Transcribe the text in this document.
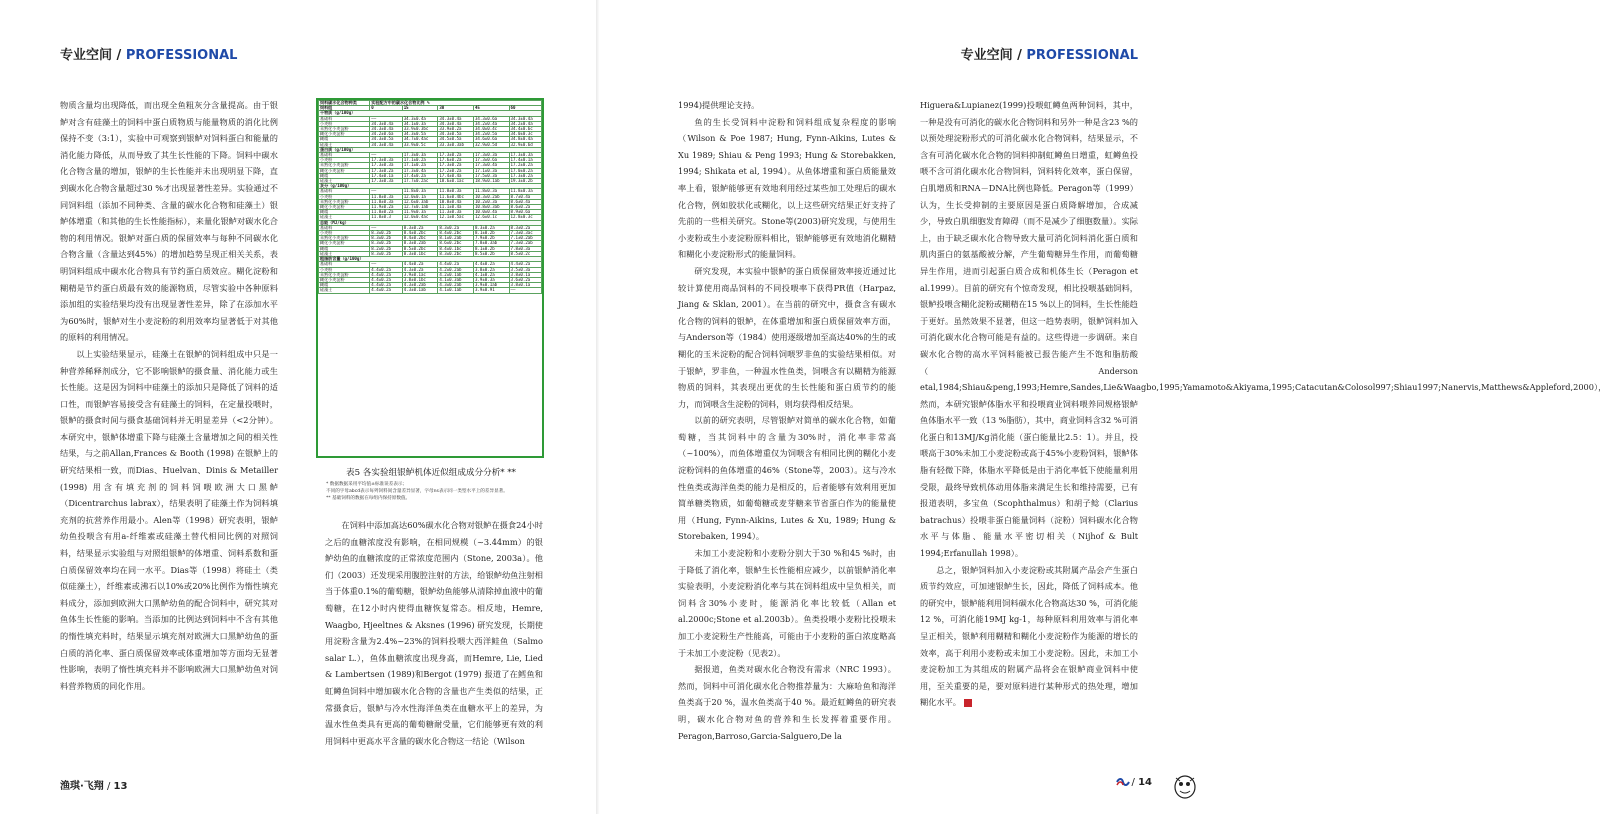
专业空间 / PROFESSIONAL

物质含量均出现降低，而出现全鱼粗灰分含量提高。由于银鲈对含有硅藻土的饲料中蛋白质物质与能量物质的消化比例保持不变（3:1），实验中可观察到银鲈对饲料蛋白和能量的消化能力降低，从而导致了其生长性能的下降。饲料中碳水化合物含量的增加，银鲈的生长性能并未出现明显下降，直到碳水化合物含量超过30 %才出现显著性差异。实验通过不同饲料组（添加不同种类、含量的碳水化合物和硅藻土）银鲈体增重（和其他的生长性能指标），来量化银鲈对碳水化合物的利用情况。银鲈对蛋白质的保留效率与每种不同碳水化合物含量（含量达到45%）的增加趋势呈现正相关关系，表明饲料组成中碳水化合物具有节约蛋白质效应。糊化淀粉和糊精是节约蛋白质最有效的能源物质，尽管实验中各种原料添加组的实验结果均没有出现显著性差异，除了在添加水平为60%时，银鲈对生小麦淀粉的利用效率均显著低于对其他的原料的利用情况。

以上实验结果显示，硅藻土在银鲈的饲料组成中只是一种营养稀释剂成分，它不影响银鲈的摄食量、消化能力或生长性能。这是因为饲料中硅藻土的添加只是降低了饲料的适口性，而银鲈容易接受含有硅藻土的饲料，在定量投喂时，银鲈的摄食时间与摄食基础饲料并无明显差异（<2分钟）。本研究中，银鲈体增重下降与硅藻土含量增加之间的相关性结果，与之前Allan,Frances & Booth (1998) 在银鲈上的研究结果相一致，而Dias、Huelvan、Dinis & Metailler (1998) 用含有填充剂的饲料饲喂欧洲大口黑鲈（Dicentrarchus labrax），结果表明了硅藻土作为饲料填充剂的抗营养作用最小。Alen等（1998）研究表明，银鲈幼鱼投喂含有用a-纤维素或硅藻土替代相同比例的对照饲料，结果显示实验组与对照组银鲈的体增重、饲料系数和蛋白质保留效率均在同一水平。Dias等（1998）将硅土（类似硅藻土），纤维素或沸石以10%或20%比例作为惰性填充料成分，添加到欧洲大口黑鲈幼鱼的配合饲料中，研究其对鱼体生长性能的影响。当添加的比例达到饲料中不含有其他的惰性填充料时，结果显示填充剂对欧洲大口黑鲈幼鱼的蛋白质的消化率、蛋白质保留效率或体重增加等方面均无显著性影响，表明了惰性填充料并不影响欧洲大口黑鲈幼鱼对饲料营养物质的同化作用。

饲料碳水化合物种类	实验配方中的碳水化合物比例 %				
饲料组	0	15	30	45	60
干物质（g/100g）					
基础料	——	34.3±0.4a	34.3±0.4a	34.3±0.6a	34.3±0.4a
小麦粉	34.3±0.4a	34.1±0.3a	34.3±0.4a	34.2±0.4a	34.2±0.4a
未熟化小麦淀粉	34.3±0.4a	33.9±0.3bc	33.9±0.2a	34.0±0.4c	34.4±0.6c
糊化小麦淀粉	34.2±0.6a	34.3±0.5a	34.3±0.5a	34.2±0.5a	34.0±0.3c
糊精	34.3±0.5a	34.7±0.4ac	34.5±0.5a	34.6±0.6a	34.8±0.4a
硅藻土	34.3±0.4a	33.9±0.5c	33.3±0.3ab	32.9±0.5d	32.9±0.6d
蛋白质（g/100g）					
基础料	——	17.3±0.3a	17.3±0.2a	17.3±0.3a	17.3±0.3a
小麦粉	17.3±0.3a	17.1±0.2a	17.6±0.2a	17.3±0.6a	17.4±0.1a
未熟化小麦淀粉	17.3±0.3a	17.1±0.2a	17.3±0.2a	17.3±0.4a	17.2±0.2a
糊化小麦淀粉	17.3±0.2a	17.3±0.4a	17.2±0.2a	17.1±0.3a	17.0±0.2a
糊精	17.4±0.1a	17.4±0.2a	17.4±0.4a	17.5±0.3a	17.3±0.2a
硅藻土	17.3±0.3a	17.7±0.2ac	18.6±0.1ac	18.9±0.1ab	19.3±0.2b
灰分（g/100g）					
基础料	——	11.8±0.3a	11.8±0.3a	11.8±0.3a	11.8±0.3a
小麦粉	11.8±0.3a	12.0±0.1a	11.6±0.4bc	10.3±0.2ab	8.7±0.4a
未熟化小麦淀粉	11.8±0.3a	12.6±0.3ab	10.8±0.4a	10.2±0.3a	8.6±0.4a
糊化小麦淀粉	11.9±0.2a	12.7±0.1ab	11.1±0.4a	10.8±0.3ab	8.6±0.2a
糊精	11.8±0.2a	11.9±0.3a	11.3±0.3a	10.0±0.4a	8.9±0.6a
硅藻土	11.8±0.3	12.0±0.4ac	12.1±0.5ac	12.6±0.1c	12.8±0.3c
总能（MJ/kg）					
基础料	——	8.3±0.2a	8.3±0.2a	8.3±0.2a	8.3±0.2a
小麦粉	8.3±0.2b	8.4±0.2bc	8.4±0.2bc	8.1±0.2b	7.3±0.3ac
未熟化小麦淀粉	8.3±0.2b	8.4±0.2bc	8.1±0.2ab	7.9±0.2b	7.1±0.2ab
糊化小麦淀粉	8.3±0.2b	8.3±0.2ab	8.6±0.2bc	7.8±0.3ab	7.3±0.2ab
糊精	8.2±0.2b	8.5±0.2bc	8.4±0.1bc	8.1±0.2b	7.8±0.3a
硅藻土	8.3±0.2b	8.3±0.1bc	8.3±0.2bc	8.5±0.2b	8.5±0.2c
粗脂肪含量（g/100g）					
基础料	——	4.4±0.2a	4.4±0.2a	4.4±0.2a	4.4±0.2a
小麦粉	4.4±0.2a	4.3±0.2a	4.2±0.2ab	3.8±0.2a	3.5±0.3a
未熟化小麦淀粉	4.4±0.2a	3.9±0.1ac	4.2±0.1ab	4.1±0.2a	3.8±0.1a
糊化小麦淀粉	4.4±0.2a	3.8±0.1bc	4.1±0.3ab	3.9±0.3a	3.6±0.2a
糊精	4.4±0.2a	4.3±0.2ab	4.3±0.2ab	3.9±0.1ab	3.8±0.1a
硅藻土	4.4±0.2a	4.3±0.1ab	4.1±0.1ab	3.9±0.91	——
表5 各实验组银鲈机体近似组成成分分析* **
* 数据数据采用平均值±标准误差表示；
不同的字母abcd表示每列饲料间含量差异显著，字母ns表示同一类型水平上的差异显著。
** 基础饲料的数据在每组内保持原数值。

在饲料中添加高达60%碳水化合物对银鲈在摄食24小时之后的血糖浓度没有影响，在相同规模（~3.44mm）的银鲈幼鱼的血糖浓度的正常浓度范围内（Stone, 2003a）。他们（2003）还发现采用腹腔注射的方法，给银鲈幼鱼注射相当于体重0.1%的葡萄糖，银鲈幼鱼能够从清除掉血液中的葡萄糖，在12小时内使得血糖恢复常态。相反地，Hemre, Waagbo, Hjeeltnes & Aksnes (1996) 研究发现，长期使用淀粉含量为2.4%~23%的饲料投喂大西洋鲑鱼（Salmo salar L.），鱼体血糖浓度出现身高，而Hemre, Lie, Lied & Lambertsen (1989)和Bergot (1979) 报道了在鳕鱼和虹鳟鱼饲料中增加碳水化合物的含量也产生类似的结果，正常摄食后，银鲈与冷水性海洋鱼类在血糖水平上的差异，为温水性鱼类具有更高的葡萄糖耐受量，它们能够更有效的利用饲料中更高水平含量的碳水化合物这一结论（Wilson

渔琪·飞翔 / 13
专业空间 / PROFESSIONAL

1994)提供理论支持。

鱼的生长受饲料中淀粉和饲料组成复杂程度的影响（Wilson & Poe 1987; Hung, Fynn-Aikins, Lutes & Xu 1989; Shiau & Peng 1993; Hung & Storebakken, 1994; Shikata et al, 1994）。从鱼体增重和蛋白质能量效率上看，银鲈能够更有效地利用经过某些加工处理后的碳水化合物，例如胶状化或糊化，以上这些研究结果正好支持了先前的一些相关研究。Stone等(2003)研究发现，与使用生小麦粉或生小麦淀粉原料相比，银鲈能够更有效地消化糊精和糊化小麦淀粉形式的能量饲料。

研究发现，本实验中银鲈的蛋白质保留效率接近通过比较计算使用商品饲料的不同投喂率下获得PR值（Harpaz, Jiang & Sklan, 2001）。在当前的研究中，摄食含有碳水化合物的饲料的银鲈，在体重增加和蛋白质保留效率方面，与Anderson等（1984）使用逐级增加至高达40%的生的或糊化的玉米淀粉的配合饲料饲喂罗非鱼的实验结果相似。对于银鲈，罗非鱼，一种温水性鱼类，饲喂含有以糊精为能源物质的饲料，其表现出更优的生长性能和蛋白质节约的能力，而饲喂含生淀粉的饲料，则均获得相反结果。

以前的研究表明，尽管银鲈对简单的碳水化合物，如葡萄糖，当其饲料中的含量为30%时，消化率非常高（~100%），而鱼体增重仅为饲喂含有相同比例的糊化小麦淀粉饲料的鱼体增重的46%（Stone等，2003）。这与冷水性鱼类或海洋鱼类的能力是相反的，后者能够有效利用更加简单糖类物质，如葡萄糖或麦芽糖来节省蛋白作为的能量使用（Hung, Fynn-Aikins, Lutes & Xu, 1989; Hung & Storebaken, 1994）。

未加工小麦淀粉和小麦粉分别大于30 %和45 %时，由于降低了消化率，银鲈生长性能相应减少，以前银鲈消化率实验表明，小麦淀粉消化率与其在饲料组成中呈负相关，而饲料含30%小麦时，能源消化率比较低（Allan et al.2000c;Stone et al.2003b）。鱼类投喂小麦粉比投喂未加工小麦淀粉生产性能高，可能由于小麦粉的蛋白浓度略高于未加工小麦淀粉（见表2）。

据报道，鱼类对碳水化合物没有需求（NRC 1993）。然而，饲料中可消化碳水化合物推荐量为：大麻哈鱼和海洋鱼类高于20 %，温水鱼类高于40 %。最近虹鳟鱼的研究表明，碳水化合物对鱼的营养和生长发挥着重要作用。Peragon,Barroso,Garcia-Salguero,De la

Higuera&Lupianez(1999)投喂虹鳟鱼两种饲料，其中，一种是没有可消化的碳水化合物饲料和另外一种是含23 %的以预处理淀粉形式的可消化碳水化合物饲料，结果显示，不含有可消化碳水化合物的饲料抑制虹鳟鱼日增重，虹鳟鱼投喂不含可消化碳水化合物饲料，饲料转化效率，蛋白保留，白肌增质和RNA－DNA比例也降低。Peragon等（1999）认为，生长受抑制的主要原因是蛋白质降解增加，合成减少，导致白肌细胞发育障碍（而不是减少了细胞数量）。实际上，由于缺乏碳水化合物导致大量可消化饲料消化蛋白质和肌肉蛋白的氨基酸被分解，产生葡萄糖异生作用，而葡萄糖异生作用，进而引起蛋白质合成和机体生长（Peragon et al.1999）。目前的研究有个惊奇发现，相比投喂基础饲料，银鲈投喂含糊化淀粉或糊精在15 %以上的饲料，生长性能趋于更好。虽然效果不显著，但这一趋势表明，银鲈饲料加入可消化碳水化合物可能是有益的。这些得进一步调研。来自碳水化合物的高水平饲料能被已报告能产生不饱和脂肪酸（Anderson etal,1984;Shiau&peng,1993;Hemre,Sandes,Lie&Waagbo,1995;Yamamoto&Akiyama,1995;Catacutan&Colosol997;Shiau1997;Nanervis,Matthews&Appleford,2000），然而，本研究银鲈体脂水平和投喂商业饲料喂养同规格银鲈鱼体脂水平一致（13 %脂肪），其中，商业饲料含32 %可消化蛋白和13MJ/Kg消化能（蛋白能量比2.5：1）。并且，投喂高于30%未加工小麦淀粉或高于45%小麦粉饲料，银鲈体脂有轻微下降，体脂水平降低是由于消化率低下使能量利用受限，最终导致机体动用体脂来满足生长和维持需要，已有报道表明，多宝鱼（Scophthalmus）和胡子鲶（Clarius batrachus）投喂非蛋白能量饲料（淀粉）饲料碳水化合物水平与体脂、能量水平密切相关（Nijhof & Bult 1994;Erfanullah 1998）。

总之，银鲈饲料加入小麦淀粉或其附属产品会产生蛋白质节约效应，可加速银鲈生长，因此，降低了饲料成本。他的研究中，银鲈能利用饲料碳水化合物高达30 %，可消化能12 %，可消化能19MJ kg-1，每种原料利用效率与消化率呈正相关，银鲈利用糊精和糊化小麦淀粉作为能源的增长的效率，高于利用小麦粉或未加工小麦淀粉。因此，未加工小麦淀粉加工为其组成的附属产品将会在银鲈商业饲料中使用，至关重要的是，要对原料进行某种形式的热处理，增加糊化水平。	✦

/ 14
